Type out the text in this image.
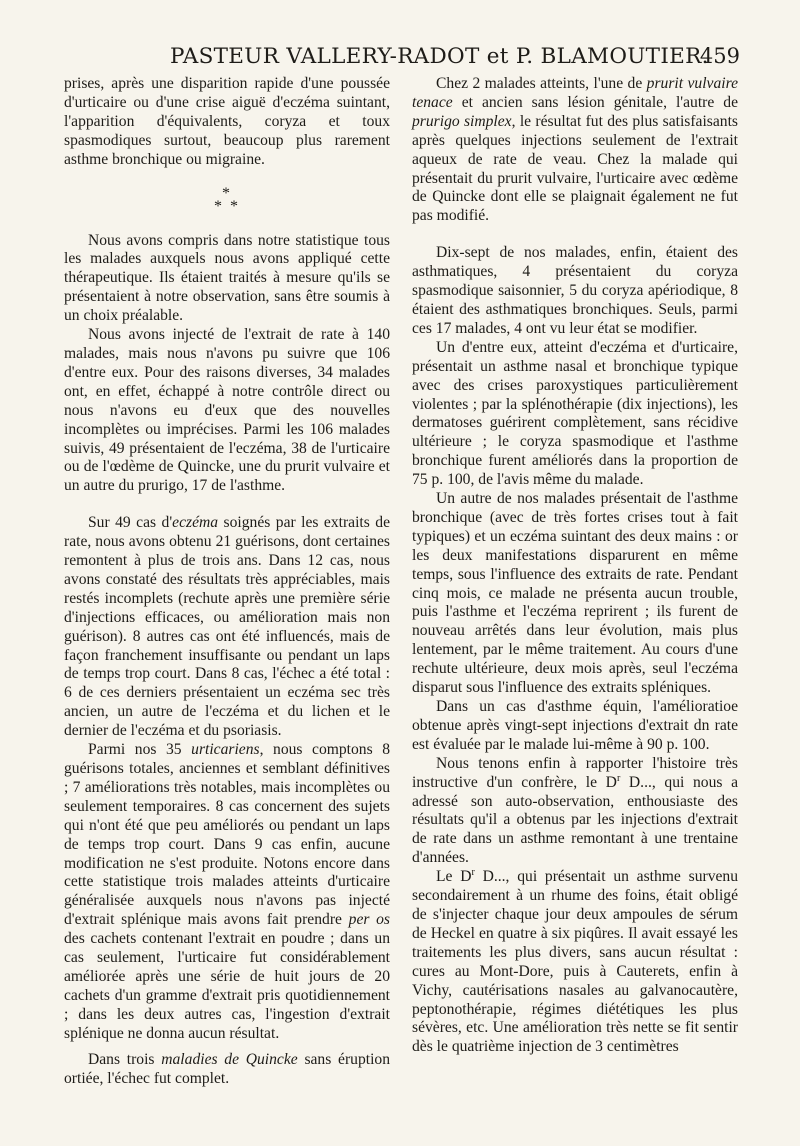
PASTEUR VALLERY-RADOT et P. BLAMOUTIER.
459

prises, après une disparition rapide d'une poussée d'urticaire ou d'une crise aiguë d'eczéma suintant, l'apparition d'équivalents, coryza et toux spasmodiques surtout, beaucoup plus rarement asthme bronchique ou migraine.

*
* *

Nous avons compris dans notre statistique tous les malades auxquels nous avons appliqué cette thérapeutique. Ils étaient traités à mesure qu'ils se présentaient à notre observation, sans être soumis à un choix préalable.

Nous avons injecté de l'extrait de rate à 140 malades, mais nous n'avons pu suivre que 106 d'entre eux. Pour des raisons diverses, 34 malades ont, en effet, échappé à notre contrôle direct ou nous n'avons eu d'eux que des nouvelles incomplètes ou imprécises. Parmi les 106 malades suivis, 49 présentaient de l'eczéma, 38 de l'urticaire ou de l'œdème de Quincke, une du prurit vulvaire et un autre du prurigo, 17 de l'asthme.

Sur 49 cas d'eczéma soignés par les extraits de rate, nous avons obtenu 21 guérisons, dont certaines remontent à plus de trois ans. Dans 12 cas, nous avons constaté des résultats très appréciables, mais restés incomplets (rechute après une première série d'injections efficaces, ou amélioration mais non guérison). 8 autres cas ont été influencés, mais de façon franchement insuffisante ou pendant un laps de temps trop court. Dans 8 cas, l'échec a été total : 6 de ces derniers présentaient un eczéma sec très ancien, un autre de l'eczéma et du lichen et le dernier de l'eczéma et du psoriasis.

Parmi nos 35 urticariens, nous comptons 8 guérisons totales, anciennes et semblant définitives ; 7 améliorations très notables, mais incomplètes ou seulement temporaires. 8 cas concernent des sujets qui n'ont été que peu améliorés ou pendant un laps de temps trop court. Dans 9 cas enfin, aucune modification ne s'est produite. Notons encore dans cette statistique trois malades atteints d'urticaire généralisée auxquels nous n'avons pas injecté d'extrait splénique mais avons fait prendre per os des cachets contenant l'extrait en poudre ; dans un cas seulement, l'urticaire fut considérablement améliorée après une série de huit jours de 20 cachets d'un gramme d'extrait pris quotidiennement ; dans les deux autres cas, l'ingestion d'extrait splénique ne donna aucun résultat.

Dans trois maladies de Quincke sans éruption ortiée, l'échec fut complet.

Chez 2 malades atteints, l'une de prurit vulvaire tenace et ancien sans lésion génitale, l'autre de prurigo simplex, le résultat fut des plus satisfaisants après quelques injections seulement de l'extrait aqueux de rate de veau. Chez la malade qui présentait du prurit vulvaire, l'urticaire avec œdème de Quincke dont elle se plaignait également ne fut pas modifié.

Dix-sept de nos malades, enfin, étaient des asthmatiques, 4 présentaient du coryza spasmodique saisonnier, 5 du coryza apériodique, 8 étaient des asthmatiques bronchiques. Seuls, parmi ces 17 malades, 4 ont vu leur état se modifier.

Un d'entre eux, atteint d'eczéma et d'urticaire, présentait un asthme nasal et bronchique typique avec des crises paroxystiques particulièrement violentes ; par la splénothérapie (dix injections), les dermatoses guérirent complètement, sans récidive ultérieure ; le coryza spasmodique et l'asthme bronchique furent améliorés dans la proportion de 75 p. 100, de l'avis même du malade.

Un autre de nos malades présentait de l'asthme bronchique (avec de très fortes crises tout à fait typiques) et un eczéma suintant des deux mains : or les deux manifestations disparurent en même temps, sous l'influence des extraits de rate. Pendant cinq mois, ce malade ne présenta aucun trouble, puis l'asthme et l'eczéma reprirent ; ils furent de nouveau arrêtés dans leur évolution, mais plus lentement, par le même traitement. Au cours d'une rechute ultérieure, deux mois après, seul l'eczéma disparut sous l'influence des extraits spléniques.

Dans un cas d'asthme équin, l'amélioratioe obtenue après vingt-sept injections d'extrait dn rate est évaluée par le malade lui-même à 90 p. 100.

Nous tenons enfin à rapporter l'histoire très instructive d'un confrère, le $D^r$ D..., qui nous a adressé son auto-observation, enthousiaste des résultats qu'il a obtenus par les injections d'extrait de rate dans un asthme remontant à une trentaine d'années.

Le $D^r$ D..., qui présentait un asthme survenu secondairement à un rhume des foins, était obligé de s'injecter chaque jour deux ampoules de sérum de Heckel en quatre à six piqûres. Il avait essayé les traitements les plus divers, sans aucun résultat : cures au Mont-Dore, puis à Cauterets, enfin à Vichy, cautérisations nasales au galvanocautère, peptonothérapie, régimes diététiques les plus sévères, etc. Une amélioration très nette se fit sentir dès le quatrième injection de 3 centimètres
